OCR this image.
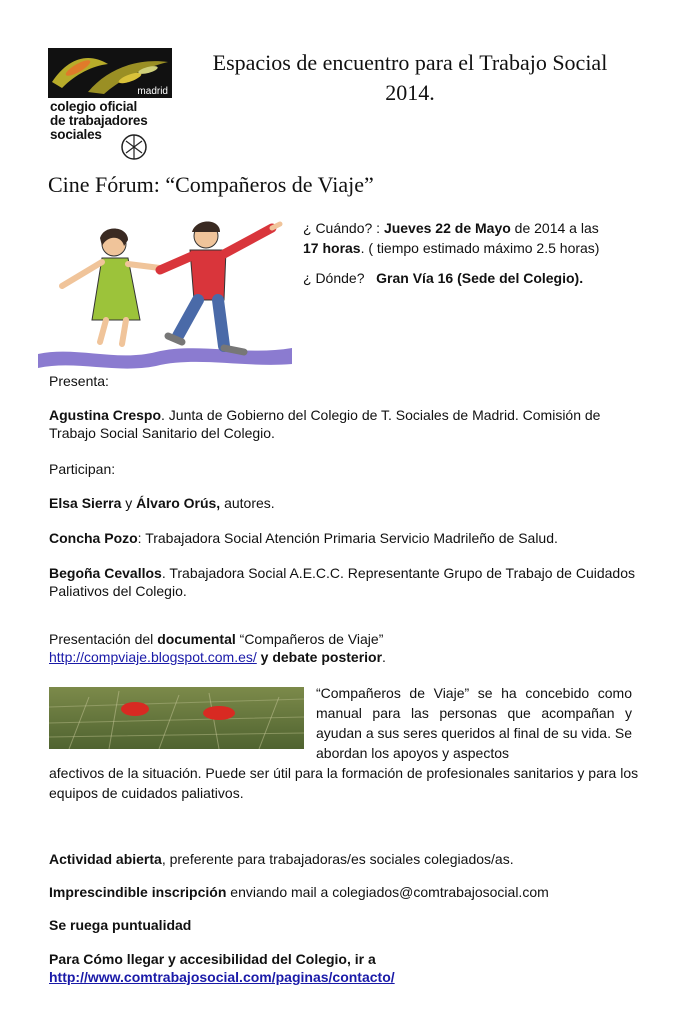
madrid
colegio oficial
de trabajadores
sociales
Espacios de encuentro para el Trabajo Social
2014.
Cine Fórum: “Compañeros de Viaje”
¿ Cuándo? : Jueves 22 de Mayo de 2014 a las
17 horas. ( tiempo estimado máximo 2.5 horas)
¿ Dónde? Gran Vía 16 (Sede del Colegio).

Presenta:

Agustina Crespo. Junta de Gobierno del Colegio de T. Sociales de Madrid. Comisión de Trabajo Social Sanitario del Colegio.

Participan:

Elsa Sierra y Álvaro Orús, autores.

Concha Pozo: Trabajadora Social Atención Primaria Servicio Madrileño de Salud.

Begoña Cevallos. Trabajadora Social A.E.C.C. Representante Grupo de Trabajo de Cuidados Paliativos del Colegio.

Presentación del documental “Compañeros de Viaje”
http://compviaje.blogspot.com.es/ y debate posterior.

“Compañeros de Viaje” se ha concebido como manual para las personas que acompañan y ayudan a sus seres queridos al final de su vida. Se abordan los apoyos y aspectos

afectivos de la situación. Puede ser útil para la formación de profesionales sanitarios y para los equipos de cuidados paliativos.

Actividad abierta, preferente para trabajadoras/es sociales colegiados/as.

Imprescindible inscripción enviando mail a colegiados@comtrabajosocial.com

Se ruega puntualidad

Para Cómo llegar y accesibilidad del Colegio, ir a
http://www.comtrabajosocial.com/paginas/contacto/
